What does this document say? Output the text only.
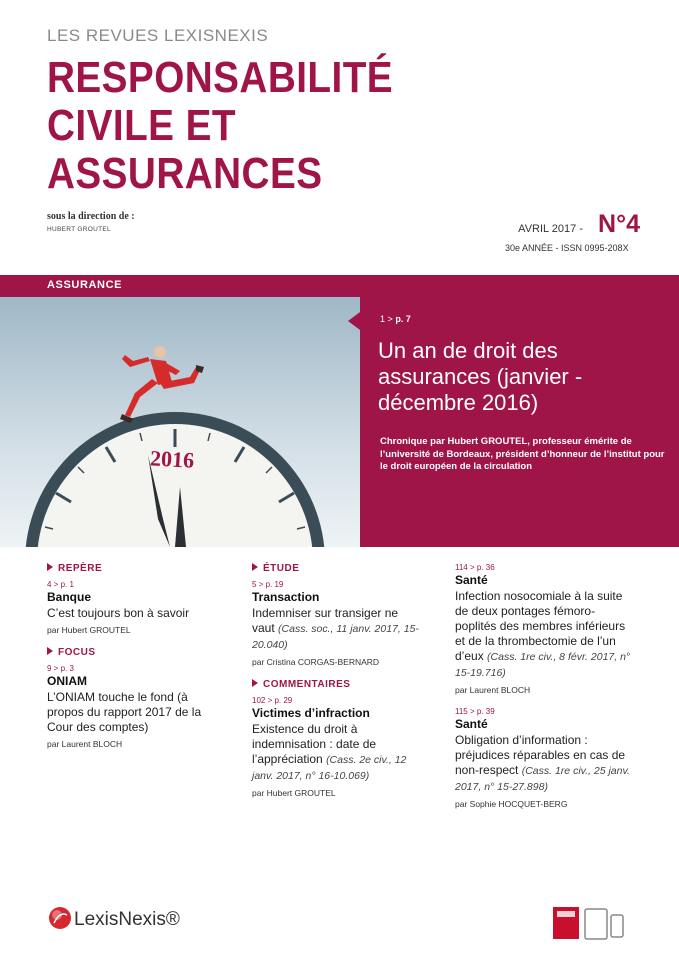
LES REVUES LEXISNEXIS
RESPONSABILITÉ
CIVILE ET
ASSURANCES
sous la direction de :
HUBERT GROUTEL	AVRIL 2017 - N°4
30e ANNÉE - ISSN 0995-208X
ASSURANCE
2016
1 > p. 7
Un an de droit des assurances (janvier - décembre 2016)
Chronique par Hubert GROUTEL, professeur émérite de l’université de Bordeaux, président d’honneur de l’institut pour le droit européen de la circulation
REPÈRE
4 > p. 1
Banque
C’est toujours bon à savoir
par Hubert GROUTEL
FOCUS
9 > p. 3
ONIAM
L’ONIAM touche le fond (à propos du rapport 2017 de la Cour des comptes)
par Laurent BLOCH
ÉTUDE
5 > p. 19
Transaction
Indemniser sur transiger ne vaut (Cass. soc., 11 janv. 2017, 15-20.040)
par Cristina CORGAS-BERNARD
COMMENTAIRES
102 > p. 29
Victimes d’infraction
Existence du droit à indemnisation : date de l’appréciation (Cass. 2e civ., 12 janv. 2017, n° 16-10.069)
par Hubert GROUTEL
114 > p. 36
Santé
Infection nosocomiale à la suite de deux pontages fémoro-poplités des membres inférieurs et de la thrombectomie de l’un d’eux (Cass. 1re civ., 8 févr. 2017, n° 15-19.716)
par Laurent BLOCH
115 > p. 39
Santé
Obligation d’information : préjudices réparables en cas de non-respect (Cass. 1re civ., 25 janv. 2017, n° 15-27.898)
par Sophie HOCQUET-BERG
LexisNexis®
